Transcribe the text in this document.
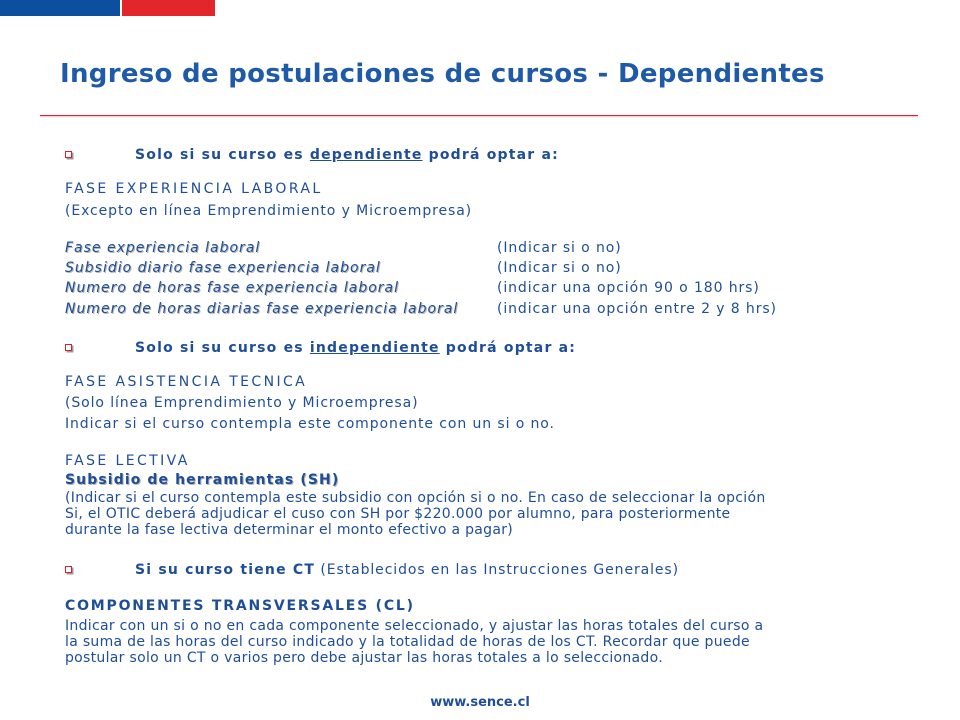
Ingreso de postulaciones de cursos - Dependientes
Solo si su curso es dependiente podrá optar a:
FASE EXPERIENCIA LABORAL
(Excepto en línea Emprendimiento y Microempresa)
Fase experiencia laboral	(Indicar si o no)
Subsidio diario fase experiencia laboral	(Indicar si o no)
Numero de horas fase experiencia laboral	(indicar una opción 90 o 180 hrs)
Numero de horas diarias fase experiencia laboral	(indicar una opción entre 2 y 8 hrs)
Solo si su curso es independiente podrá optar a:
FASE ASISTENCIA TECNICA
(Solo línea Emprendimiento y Microempresa)
Indicar si el curso contempla este componente con un si o no.
FASE LECTIVA
Subsidio de herramientas (SH)
(Indicar si el curso contempla este subsidio con opción si o no. En caso de seleccionar la opción
Si, el OTIC deberá adjudicar el cuso con SH por $220.000 por alumno, para posteriormente
durante la fase lectiva determinar el monto efectivo a pagar)
Si su curso tiene CT (Establecidos en las Instrucciones Generales)
COMPONENTES TRANSVERSALES (CL)
Indicar con un si o no en cada componente seleccionado, y ajustar las horas totales del curso a
la suma de las horas del curso indicado y la totalidad de horas de los CT. Recordar que puede
postular solo un CT o varios pero debe ajustar las horas totales a lo seleccionado.
www.sence.cl
